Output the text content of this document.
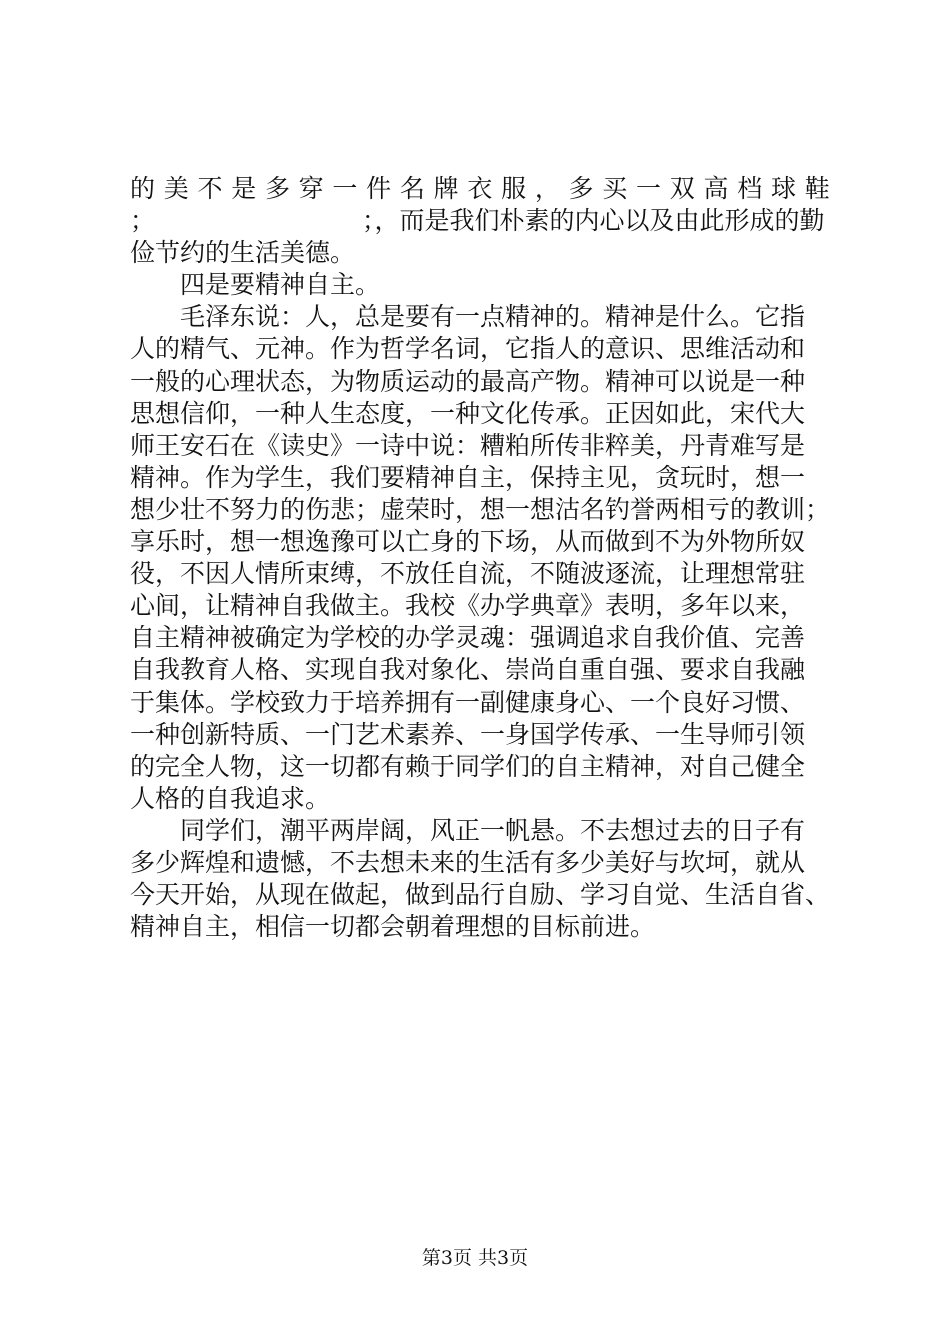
的 美 不 是 多 穿 一 件 名 牌 衣 服 ， 多 买 一 双 高 档 球 鞋
；	；，而是我们朴素的内心以及由此形成的勤
俭节约的生活美德。
四是要精神自主。
毛泽东说：人，总是要有一点精神的。精神是什么。它指
人的精气、元神。作为哲学名词，它指人的意识、思维活动和
一般的心理状态，为物质运动的最高产物。精神可以说是一种
思想信仰，一种人生态度，一种文化传承。正因如此，宋代大
师王安石在《读史》一诗中说：糟粕所传非粹美，丹青难写是
精神。作为学生，我们要精神自主，保持主见，贪玩时，想一
想少壮不努力的伤悲；虚荣时，想一想沽名钓誉两相亏的教训；
享乐时，想一想逸豫可以亡身的下场，从而做到不为外物所奴
役，不因人情所束缚，不放任自流，不随波逐流，让理想常驻
心间，让精神自我做主。我校《办学典章》表明，多年以来，
自主精神被确定为学校的办学灵魂：强调追求自我价值、完善
自我教育人格、实现自我对象化、崇尚自重自强、要求自我融
于集体。学校致力于培养拥有一副健康身心、一个良好习惯、
一种创新特质、一门艺术素养、一身国学传承、一生导师引领
的完全人物，这一切都有赖于同学们的自主精神，对自己健全
人格的自我追求。
同学们，潮平两岸阔，风正一帆悬。不去想过去的日子有
多少辉煌和遗憾，不去想未来的生活有多少美好与坎坷，就从
今天开始，从现在做起，做到品行自励、学习自觉、生活自省、
精神自主，相信一切都会朝着理想的目标前进。
第3页 共3页
